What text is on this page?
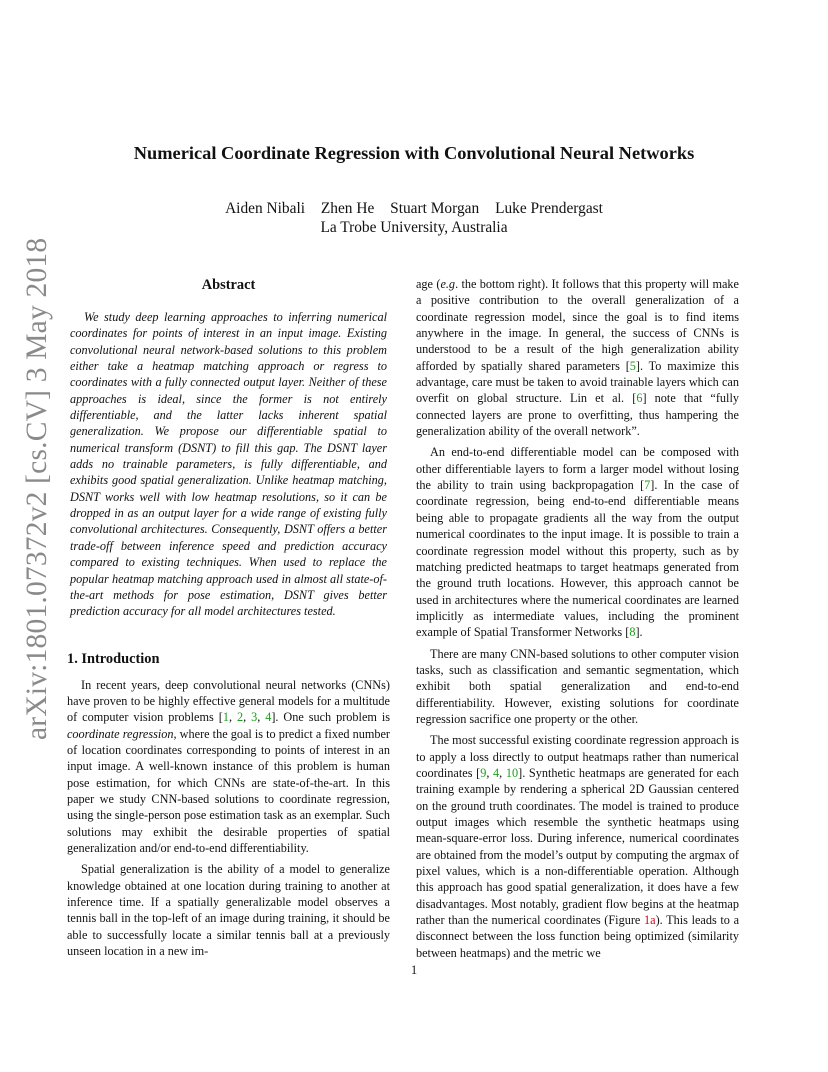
Numerical Coordinate Regression with Convolutional Neural Networks
Aiden Nibali Zhen He Stuart Morgan Luke Prendergast
La Trobe University, Australia
arXiv:1801.07372v2 [cs.CV] 3 May 2018	Abstract

We study deep learning approaches to inferring numerical coordinates for points of interest in an input image. Existing convolutional neural network-based solutions to this problem either take a heatmap matching approach or regress to coordinates with a fully connected output layer. Neither of these approaches is ideal, since the former is not entirely differentiable, and the latter lacks inherent spatial generalization. We propose our differentiable spatial to numerical transform (DSNT) to fill this gap. The DSNT layer adds no trainable parameters, is fully differentiable, and exhibits good spatial generalization. Unlike heatmap matching, DSNT works well with low heatmap resolutions, so it can be dropped in as an output layer for a wide range of existing fully convolutional architectures. Consequently, DSNT offers a better trade-off between inference speed and prediction accuracy compared to existing techniques. When used to replace the popular heatmap matching approach used in almost all state-of-the-art methods for pose estimation, DSNT gives better prediction accuracy for all model architectures tested.

1. Introduction

In recent years, deep convolutional neural networks (CNNs) have proven to be highly effective general models for a multitude of computer vision problems [1, 2, 3, 4]. One such problem is coordinate regression, where the goal is to predict a fixed number of location coordinates corresponding to points of interest in an input image. A well-known instance of this problem is human pose estimation, for which CNNs are state-of-the-art. In this paper we study CNN-based solutions to coordinate regression, using the single-person pose estimation task as an exemplar. Such solutions may exhibit the desirable properties of spatial generalization and/or end-to-end differentiability.

Spatial generalization is the ability of a model to generalize knowledge obtained at one location during training to another at inference time. If a spatially generalizable model observes a tennis ball in the top-left of an image during training, it should be able to successfully locate a similar tennis ball at a previously unseen location in a new im-

age (e.g. the bottom right). It follows that this property will make a positive contribution to the overall generalization of a coordinate regression model, since the goal is to find items anywhere in the image. In general, the success of CNNs is understood to be a result of the high generalization ability afforded by spatially shared parameters [5]. To maximize this advantage, care must be taken to avoid trainable layers which can overfit on global structure. Lin et al. [6] note that “fully connected layers are prone to overfitting, thus hampering the generalization ability of the overall network”.

An end-to-end differentiable model can be composed with other differentiable layers to form a larger model without losing the ability to train using backpropagation [7]. In the case of coordinate regression, being end-to-end differentiable means being able to propagate gradients all the way from the output numerical coordinates to the input image. It is possible to train a coordinate regression model without this property, such as by matching predicted heatmaps to target heatmaps generated from the ground truth locations. However, this approach cannot be used in architectures where the numerical coordinates are learned implicitly as intermediate values, including the prominent example of Spatial Transformer Networks [8].

There are many CNN-based solutions to other computer vision tasks, such as classification and semantic segmentation, which exhibit both spatial generalization and end-to-end differentiability. However, existing solutions for coordinate regression sacrifice one property or the other.

The most successful existing coordinate regression approach is to apply a loss directly to output heatmaps rather than numerical coordinates [9, 4, 10]. Synthetic heatmaps are generated for each training example by rendering a spherical 2D Gaussian centered on the ground truth coordinates. The model is trained to produce output images which resemble the synthetic heatmaps using mean-square-error loss. During inference, numerical coordinates are obtained from the model’s output by computing the argmax of pixel values, which is a non-differentiable operation. Although this approach has good spatial generalization, it does have a few disadvantages. Most notably, gradient flow begins at the heatmap rather than the numerical coordinates (Figure 1a). This leads to a disconnect between the loss function being optimized (similarity between heatmaps) and the metric we

1
